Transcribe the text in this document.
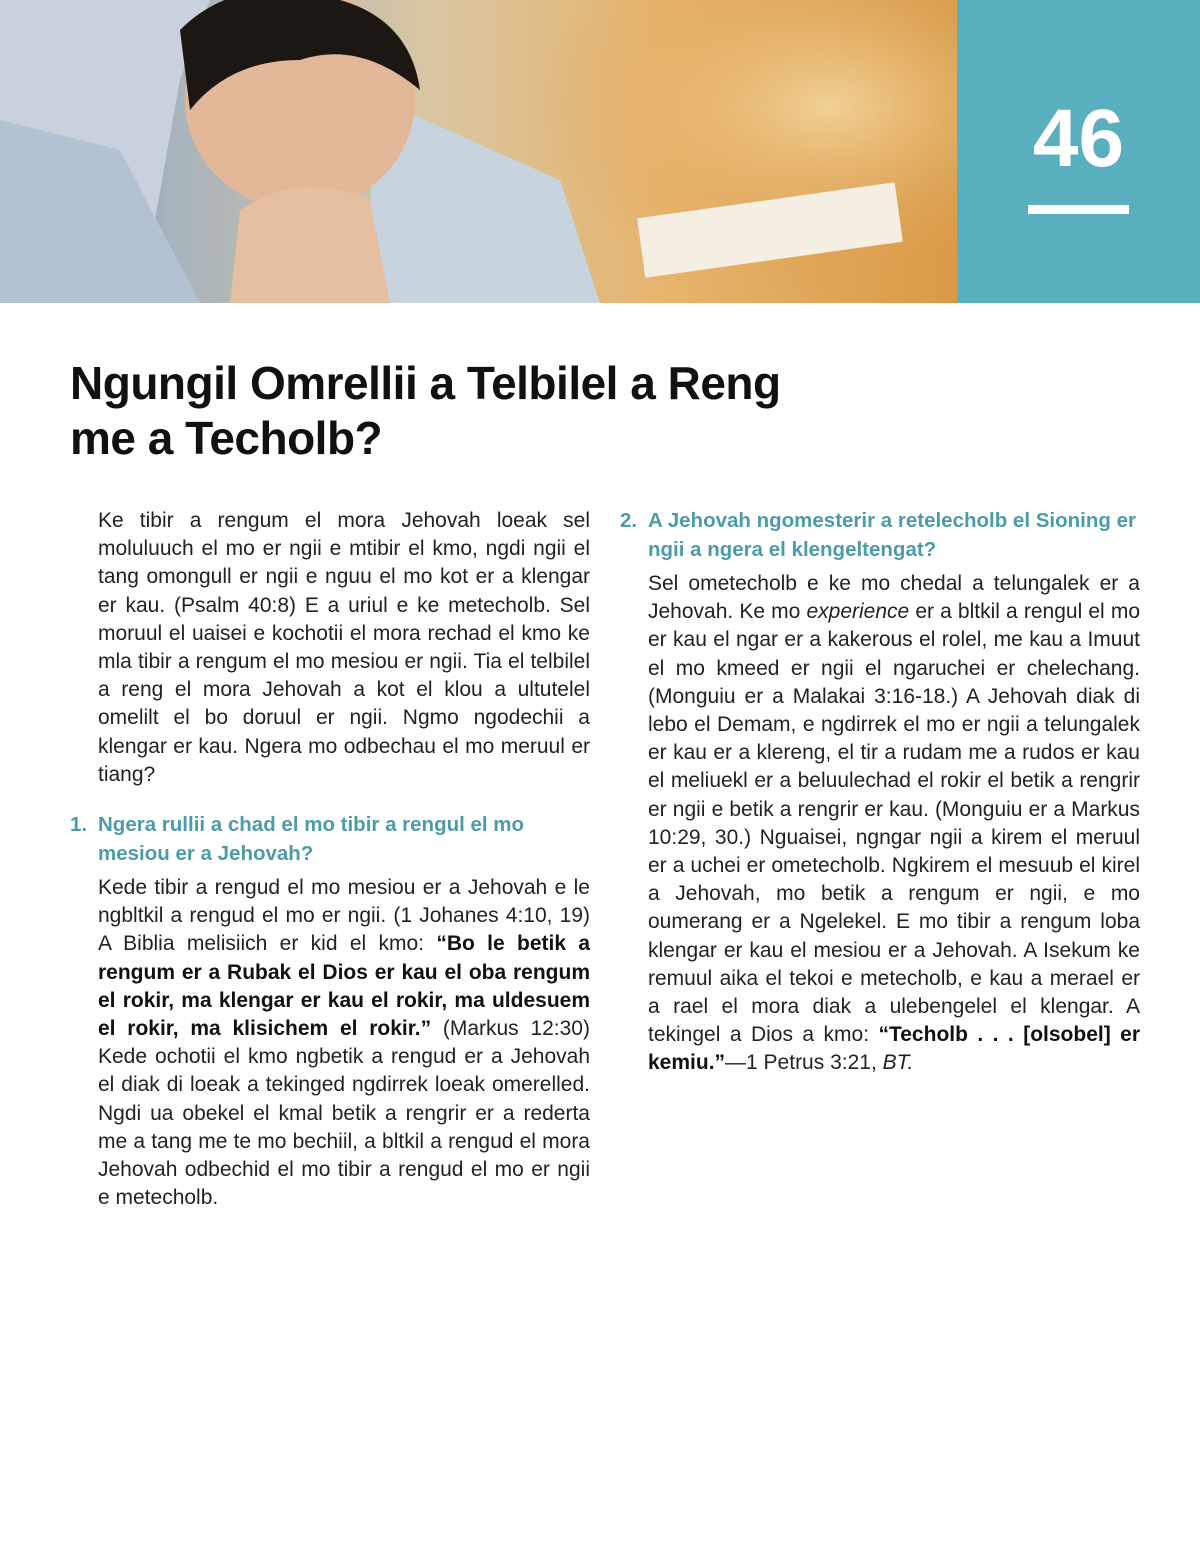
46
Ngungil Omrellii a Telbilel a Reng me a Techolb?

Ke tibir a rengum el mora Jehovah loeak sel moluluuch el mo er ngii e mtibir el kmo, ngdi ngii el tang omongull er ngii e nguu el mo kot er a klengar er kau. (Psalm 40:8) E a uriul e ke metecholb. Sel moruul el uaisei e kochotii el mora rechad el kmo ke mla tibir a rengum el mo mesiou er ngii. Tia el telbilel a reng el mora Jehovah a kot el klou a ultutelel omelilt el bo doruul er ngii. Ngmo ngodechii a klengar er kau. Ngera mo odbechau el mo meruul er tiang?

1. Ngera rullii a chad el mo tibir a rengul el mo mesiou er a Jehovah?

Kede tibir a rengud el mo mesiou er a Jehovah e le ngbltkil a rengud el mo er ngii. (1 Johanes 4:10, 19) A Biblia melisiich er kid el kmo: “Bo le betik a rengum er a Rubak el Dios er kau el oba rengum el rokir, ma klengar er kau el rokir, ma uldesuem el rokir, ma klisichem el rokir.” (Markus 12:30) Kede ochotii el kmo ngbetik a rengud er a Jehovah el diak di loeak a tekinged ngdirrek loeak omerelled. Ngdi ua obekel el kmal betik a rengrir er a rederta me a tang me te mo bechiil, a bltkil a rengud el mora Jehovah odbechid el mo tibir a rengud el mo er ngii e metecholb.

2. A Jehovah ngomesterir a retelecholb el Sioning er ngii a ngera el klengeltengat?

Sel ometecholb e ke mo chedal a telungalek er a Jehovah. Ke mo experience er a bltkil a rengul el mo er kau el ngar er a kakerous el rolel, me kau a Imuut el mo kmeed er ngii el ngaruchei er chelechang. (Monguiu er a Malakai 3:16-18.) A Jehovah diak di lebo el Demam, e ngdirrek el mo er ngii a telungalek er kau er a klereng, el tir a rudam me a rudos er kau el meliuekl er a beluulechad el rokir el betik a rengrir er ngii e betik a rengrir er kau. (Monguiu er a Markus 10:29, 30.) Nguaisei, ngngar ngii a kirem el meruul er a uchei er ometecholb. Ngkirem el mesuub el kirel a Jehovah, mo betik a rengum er ngii, e mo oumerang er a Ngelekel. E mo tibir a rengum loba klengar er kau el mesiou er a Jehovah. A Isekum ke remuul aika el tekoi e metecholb, e kau a merael er a rael el mora diak a ulebengelel el klengar. A tekingel a Dios a kmo: “Techolb . . . [olsobel] er kemiu.”—1 Petrus 3:21, BT.
